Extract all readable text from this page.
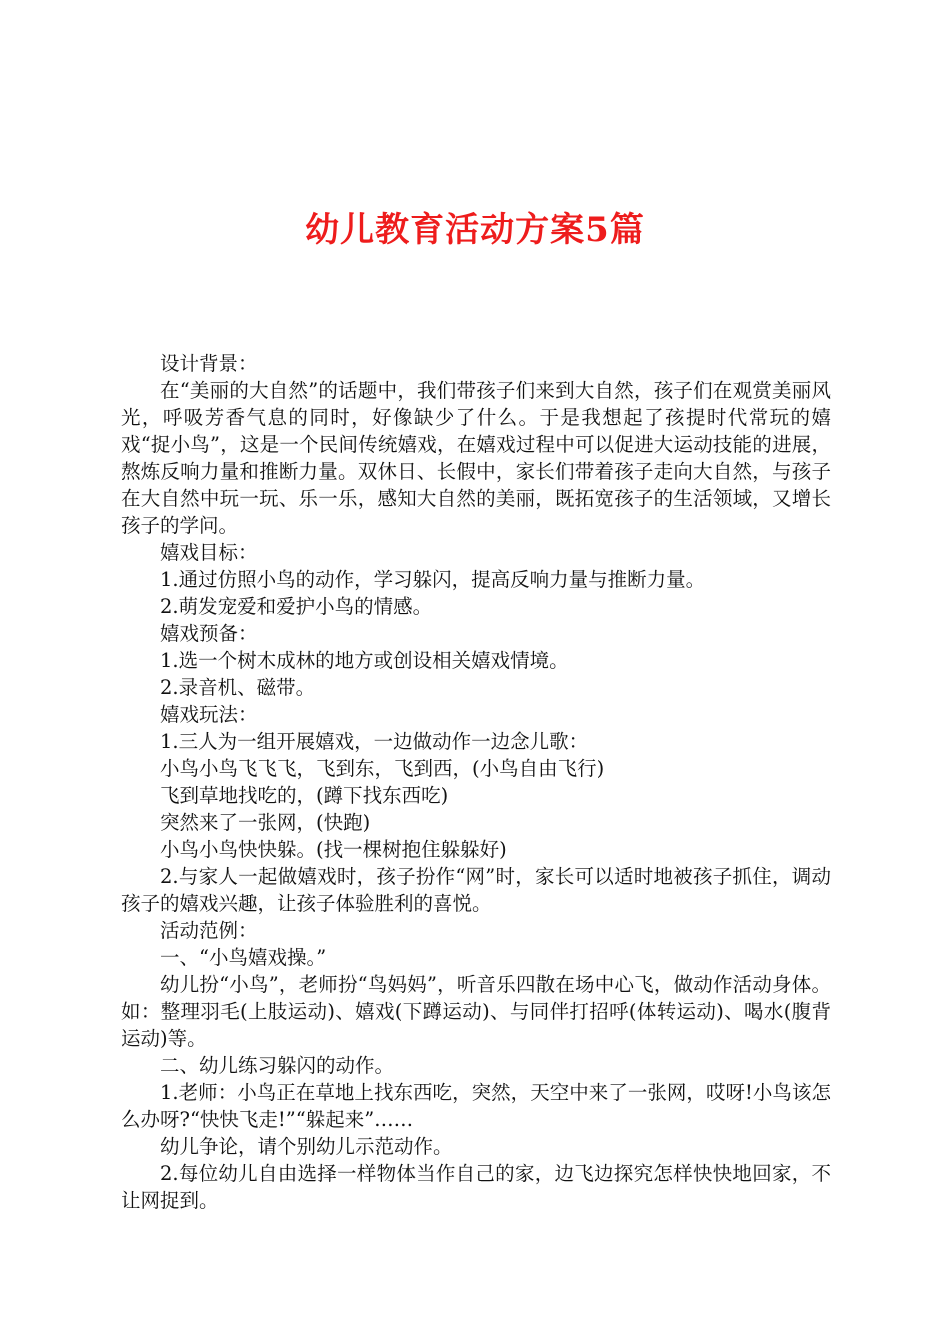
幼儿教育活动方案5篇

设计背景：

在“美丽的大自然”的话题中，我们带孩子们来到大自然，孩子们在观赏美丽风光，呼吸芳香气息的同时，好像缺少了什么。于是我想起了孩提时代常玩的嬉戏“捉小鸟”，这是一个民间传统嬉戏，在嬉戏过程中可以促进大运动技能的进展，熬炼反响力量和推断力量。双休日、长假中，家长们带着孩子走向大自然，与孩子在大自然中玩一玩、乐一乐，感知大自然的美丽，既拓宽孩子的生活领域，又增长孩子的学问。

嬉戏目标：

1.通过仿照小鸟的动作，学习躲闪，提高反响力量与推断力量。

2.萌发宠爱和爱护小鸟的情感。

嬉戏预备：

1.选一个树木成林的地方或创设相关嬉戏情境。

2.录音机、磁带。

嬉戏玩法：

1.三人为一组开展嬉戏，一边做动作一边念儿歌：

小鸟小鸟飞飞飞，飞到东，飞到西，(小鸟自由飞行)

飞到草地找吃的，(蹲下找东西吃)

突然来了一张网，(快跑)

小鸟小鸟快快躲。(找一棵树抱住躲躲好)

2.与家人一起做嬉戏时，孩子扮作“网”时，家长可以适时地被孩子抓住，调动孩子的嬉戏兴趣，让孩子体验胜利的喜悦。

活动范例：

一、“小鸟嬉戏操。”

幼儿扮“小鸟”，老师扮“鸟妈妈”，听音乐四散在场中心飞，做动作活动身体。如：整理羽毛(上肢运动)、嬉戏(下蹲运动)、与同伴打招呼(体转运动)、喝水(腹背运动)等。

二、幼儿练习躲闪的动作。

1.老师：小鸟正在草地上找东西吃，突然，天空中来了一张网，哎呀!小鸟该怎么办呀?“快快飞走!”“躲起来”……

幼儿争论，请个别幼儿示范动作。

2.每位幼儿自由选择一样物体当作自己的家，边飞边探究怎样快快地回家，不让网捉到。
